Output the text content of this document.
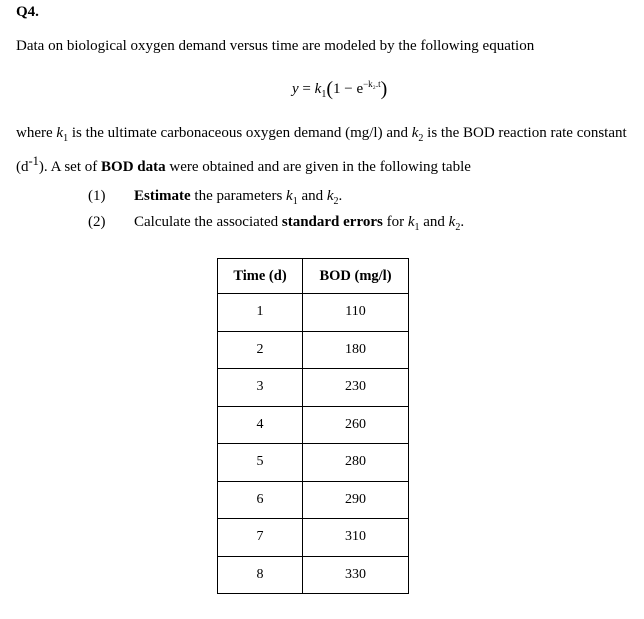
Q4.
Data on biological oxygen demand versus time are modeled by the following equation
$y = k_1(1 - e^{-k_2.t})$
where $k_1$ is the ultimate carbonaceous oxygen demand (mg/l) and $k_2$ is the BOD reaction rate constant $(d^{-1})$. A set of BOD data were obtained and are given in the following table
(1)	Estimate the parameters $k_1$ and $k_2$.
(2)	Calculate the associated standard errors for $k_1$ and $k_2$.
Time (d)	BOD (mg/l)
1	110
2	180
3	230
4	260
5	280
6	290
7	310
8	330
